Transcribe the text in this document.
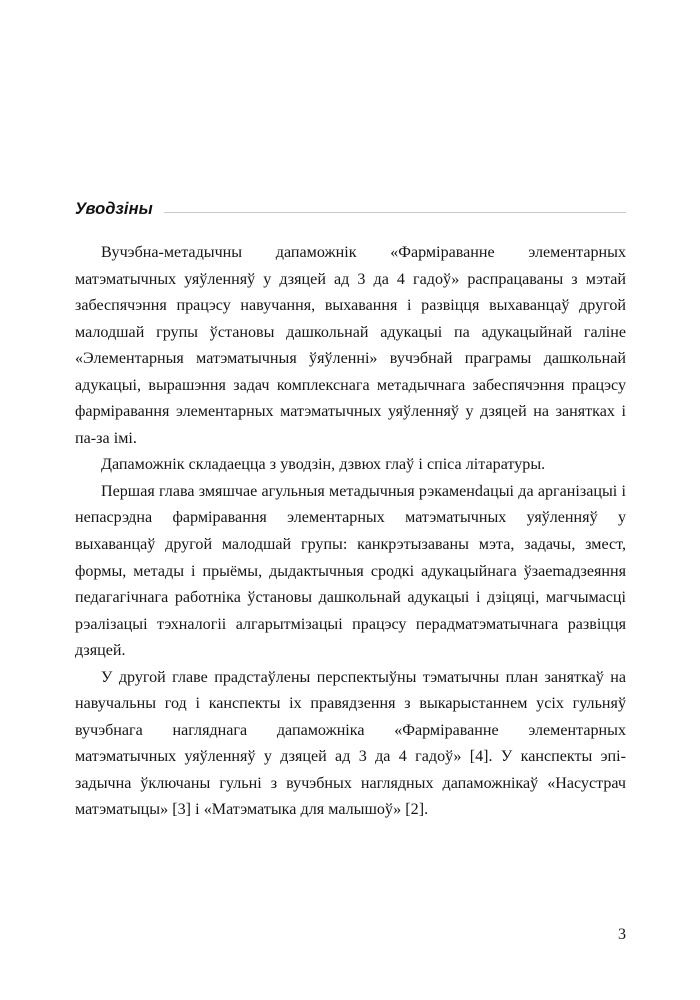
Уводзіны

Вучэбна-метадычны дапаможнік «Фарміраванне элементарных матэматычных уяўленняў у дзяцей ад 3 да 4 гадоў» распрацаваны з мэтай забеспячэння працэсу навучання, выхавання і развіцця выхаванцаў другой малодшай групы ўстановы дашкольнай адукацыі па адукацыйнай галіне «Элементарныя матэматычныя ўяўленні» вучэбнай праграмы дашкольнай адукацыі, вырашэння задач комплекснага метадычнага забеспячэння працэсу фарміравання элементарных матэматычных уяўленняў у дзяцей на занятках і па-за імі.

Дапаможнік складаецца з уводзін, дзвюх глаў і спіса літаратуры.

Першая глава змяшчае агульныя метадычныя рэкаменdацыі да арганізацыі і непасрэдна фарміравання элементарных матэматычных уяўленняў у выхаванцаў другой малодшай групы: канкрэтызаваны мэта, задачы, змест, формы, метады і прыёмы, дыдактычныя сродкі адукацыйнага ўзаеmадзеяння педагагічнага работніка ўстановы дашкольнай адукацыі і дзіцяці, магчымасці рэалізацыі тэхналогіі алгарытмізацыі працэсу перадматэматычнага развіцця дзяцей.

У другой главе прадстаўлены перспектыўны тэматычны план заняткаў на навучальны год і канспекты іх правядзення з выкарыстаннем усіх гульняў вучэбнага нагляднага дапаможніка «Фарміраванне элементарных матэматычных уяўленняў у дзяцей ад 3 да 4 гадоў» [4]. У канспекты эпізадычна ўключаны гульні з вучэбных наглядных дапаможнікаў «Насустрач матэматыцы» [3] і «Матэматыка для малышоў» [2].

3
